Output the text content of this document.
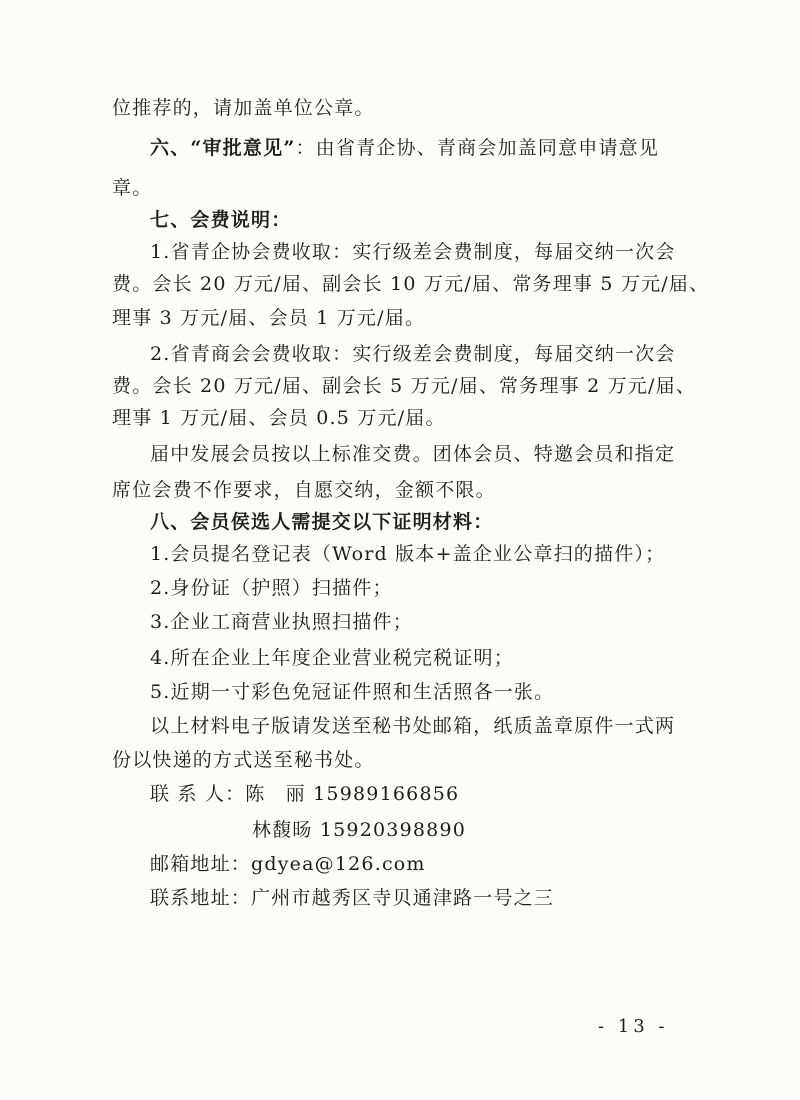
位推荐的，请加盖单位公章。
六、“审批意见”：由省青企协、青商会加盖同意申请意见
章。
七、会费说明：
1.省青企协会费收取：实行级差会费制度，每届交纳一次会
费。会长 20 万元/届、副会长 10 万元/届、常务理事 5 万元/届、
理事 3 万元/届、会员 1 万元/届。
2.省青商会会费收取：实行级差会费制度，每届交纳一次会
费。会长 20 万元/届、副会长 5 万元/届、常务理事 2 万元/届、
理事 1 万元/届、会员 0.5 万元/届。
届中发展会员按以上标准交费。团体会员、特邀会员和指定
席位会费不作要求，自愿交纳，金额不限。
八、会员侯选人需提交以下证明材料：
1.会员提名登记表（Word 版本+盖企业公章扫的描件）；
2.身份证（护照）扫描件；
3.企业工商营业执照扫描件；
4.所在企业上年度企业营业税完税证明；
5.近期一寸彩色免冠证件照和生活照各一张。
以上材料电子版请发送至秘书处邮箱，纸质盖章原件一式两
份以快递的方式送至秘书处。
联 系 人：陈　丽 15989166856
林馥旸 15920398890
邮箱地址：gdyea@126.com
联系地址：广州市越秀区寺贝通津路一号之三
- 13 -
